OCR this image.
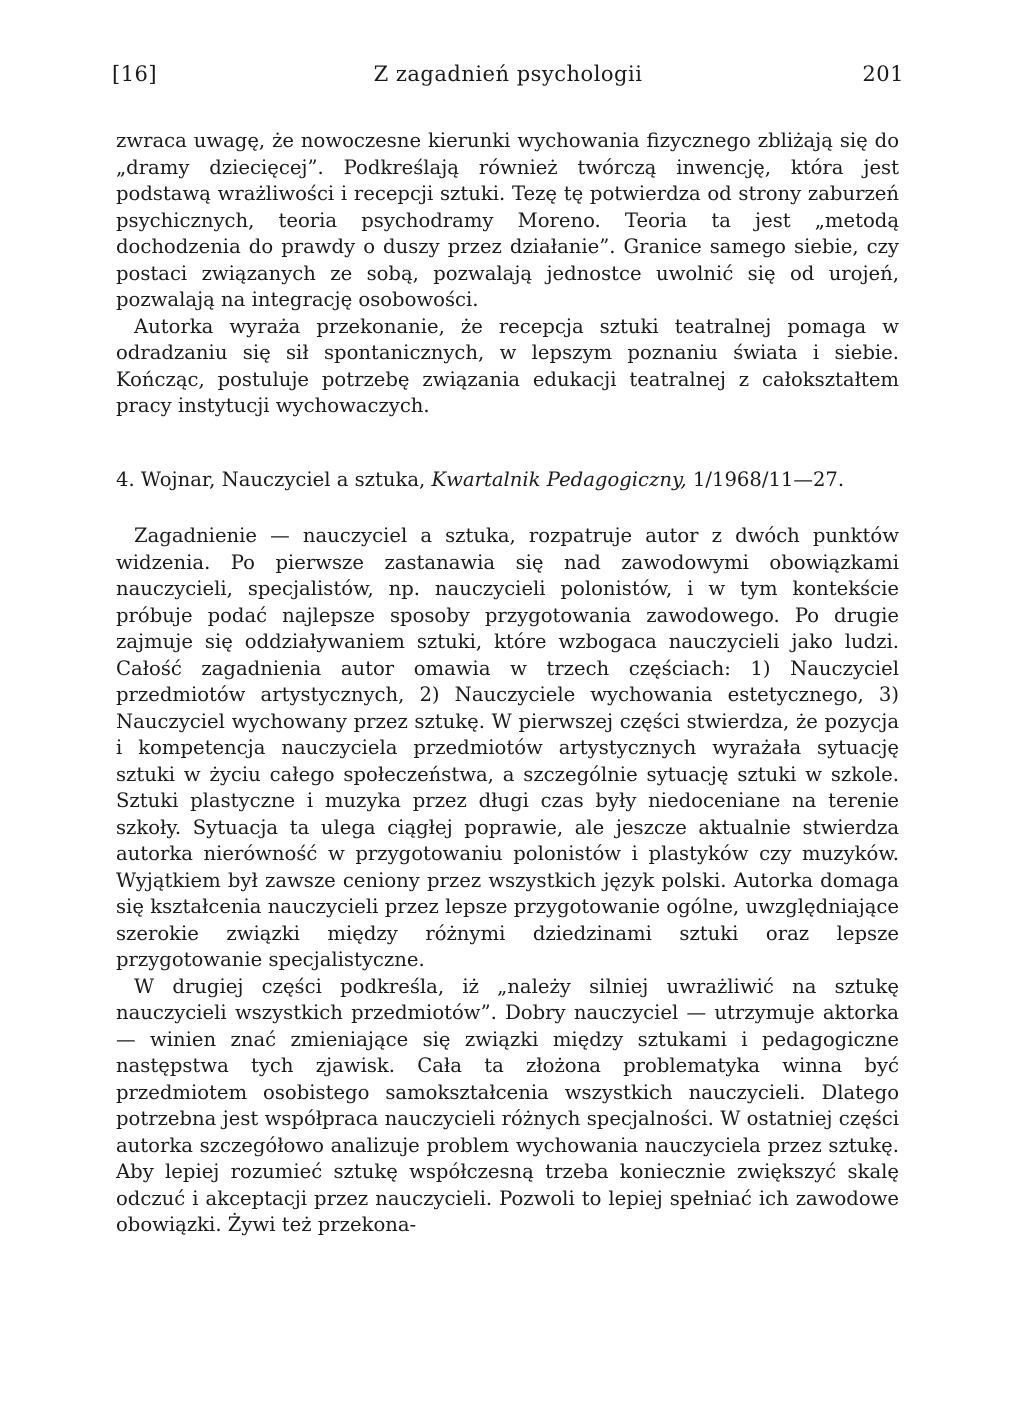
[16]	Z zagadnień psychologii	201

zwraca uwagę, że nowoczesne kierunki wychowania fizycznego zbliżają się do „dramy dziecięcej”. Podkreślają również twórczą inwencję, która jest podstawą wrażliwości i recepcji sztuki. Tezę tę potwierdza od strony zaburzeń psychicznych, teoria psychodramy Moreno. Teoria ta jest „metodą dochodzenia do prawdy o duszy przez działanie”. Granice samego siebie, czy postaci związanych ze sobą, pozwalają jednostce uwolnić się od urojeń, pozwalają na integrację osobowości.

Autorka wyraża przekonanie, że recepcja sztuki teatralnej pomaga w odradzaniu się sił spontanicznych, w lepszym poznaniu świata i siebie. Kończąc, postuluje potrzebę związania edukacji teatralnej z całokształtem pracy instytucji wychowaczych.

4. Wojnar, Nauczyciel a sztuka, Kwartalnik Pedagogiczny, 1/1968/11—27.

Zagadnienie — nauczyciel a sztuka, rozpatruje autor z dwóch punktów widzenia. Po pierwsze zastanawia się nad zawodowymi obowiązkami nauczycieli, specjalistów, np. nauczycieli polonistów, i w tym kontekście próbuje podać najlepsze sposoby przygotowania zawodowego. Po drugie zajmuje się oddziaływaniem sztuki, które wzbogaca nauczycieli jako ludzi. Całość zagadnienia autor omawia w trzech częściach: 1) Nauczyciel przedmiotów artystycznych, 2) Nauczyciele wychowania estetycznego, 3) Nauczyciel wychowany przez sztukę. W pierwszej części stwierdza, że pozycja i kompetencja nauczyciela przedmiotów artystycznych wyrażała sytuację sztuki w życiu całego społeczeństwa, a szczególnie sytuację sztuki w szkole. Sztuki plastyczne i muzyka przez długi czas były niedoceniane na terenie szkoły. Sytuacja ta ulega ciągłej poprawie, ale jeszcze aktualnie stwierdza autorka nierówność w przygotowaniu polonistów i plastyków czy muzyków. Wyjątkiem był zawsze ceniony przez wszystkich język polski. Autorka domaga się kształcenia nauczycieli przez lepsze przygotowanie ogólne, uwzględniające szerokie związki między różnymi dziedzinami sztuki oraz lepsze przygotowanie specjalistyczne.

W drugiej części podkreśla, iż „należy silniej uwrażliwić na sztukę nauczycieli wszystkich przedmiotów”. Dobry nauczyciel — utrzymuje aktorka — winien znać zmieniające się związki między sztukami i pedagogiczne następstwa tych zjawisk. Cała ta złożona problematyka winna być przedmiotem osobistego samokształcenia wszystkich nauczycieli. Dlatego potrzebna jest współpraca nauczycieli różnych specjalności. W ostatniej części autorka szczegółowo analizuje problem wychowania nauczyciela przez sztukę. Aby lepiej rozumieć sztukę współczesną trzeba koniecznie zwiększyć skalę odczuć i akceptacji przez nauczycieli. Pozwoli to lepiej spełniać ich zawodowe obowiązki. Żywi też przekona-
